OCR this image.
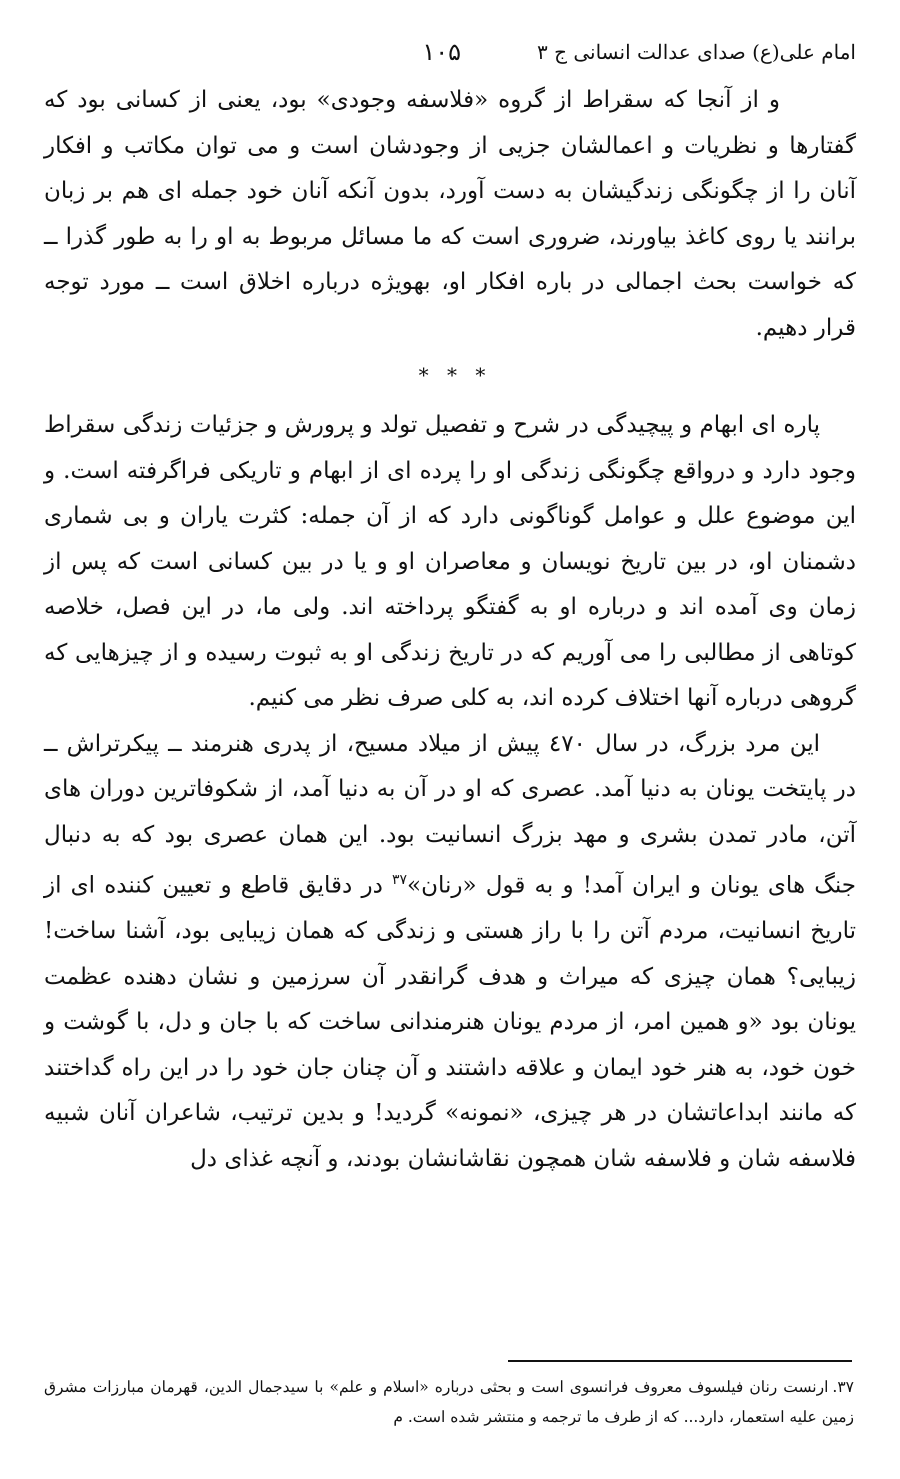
امام علی(ع) صدای عدالت انسانی ج ۳
۱۰۵

و از آنجا که سقراط از گروه «فلاسفه وجودی» بود، یعنی از کسانی بود که گفتارها و نظریات و اعمالشان جزیی از وجودشان است و می توان مکاتب و افکار آنان را از چگونگی زندگیشان به دست آورد، بدون آنکه آنان خود جمله ای هم بر زبان برانند یا روی کاغذ بیاورند، ضروری است که ما مسائل مربوط به او را به طور گذرا ــ که خواست بحث اجمالی در باره افکار او، بهویژه درباره اخلاق است ــ مورد توجه قرار دهیم.

* * *

پاره ای ابهام و پیچیدگی در شرح و تفصیل تولد و پرورش و جزئیات زندگی سقراط وجود دارد و درواقع چگونگی زندگی او را پرده ای از ابهام و تاریکی فراگرفته است. و این موضوع علل و عوامل گوناگونی دارد که از آن جمله: کثرت یاران و بی شماری دشمنان او، در بین تاریخ نویسان و معاصران او و یا در بین کسانی است که پس از زمان وی آمده اند و درباره او به گفتگو پرداخته اند. ولی ما، در این فصل، خلاصه کوتاهی از مطالبی را می آوریم که در تاریخ زندگی او به ثبوت رسیده و از چیزهایی که گروهی درباره آنها اختلاف کرده اند، به کلی صرف نظر می کنیم.

این مرد بزرگ، در سال ٤٧٠ پیش از میلاد مسیح، از پدری هنرمند ــ پیکرتراش ــ در پایتخت یونان به دنیا آمد. عصری که او در آن به دنیا آمد، از شکوفاترین دوران های آتن، مادر تمدن بشری و مهد بزرگ انسانیت بود. این همان عصری بود که به دنبال جنگ های یونان و ایران آمد! و به قول «رنان»$^{۳۷}$ در دقایق قاطع و تعیین کننده ای از تاریخ انسانیت، مردم آتن را با راز هستی و زندگی که همان زیبایی بود، آشنا ساخت! زیبایی؟ همان چیزی که میراث و هدف گرانقدر آن سرزمین و نشان دهنده عظمت یونان بود «و همین امر، از مردم یونان هنرمندانی ساخت که با جان و دل، با گوشت و خون خود، به هنر خود ایمان و علاقه داشتند و آن چنان جان خود را در این راه گداختند که مانند ابداعاتشان در هر چیزی، «نمونه» گردید! و بدین ترتیب، شاعران آنان شبیه فلاسفه شان و فلاسفه شان همچون نقاشانشان بودند، و آنچه غذای دل

۳۷.ارنست رنان فیلسوف معروف فرانسوی است و بحثی درباره «اسلام و علم» با سیدجمال الدین، قهرمان مبارزات مشرق زمین علیه استعمار، دارد... که از طرف ما ترجمه و منتشر شده است. م
